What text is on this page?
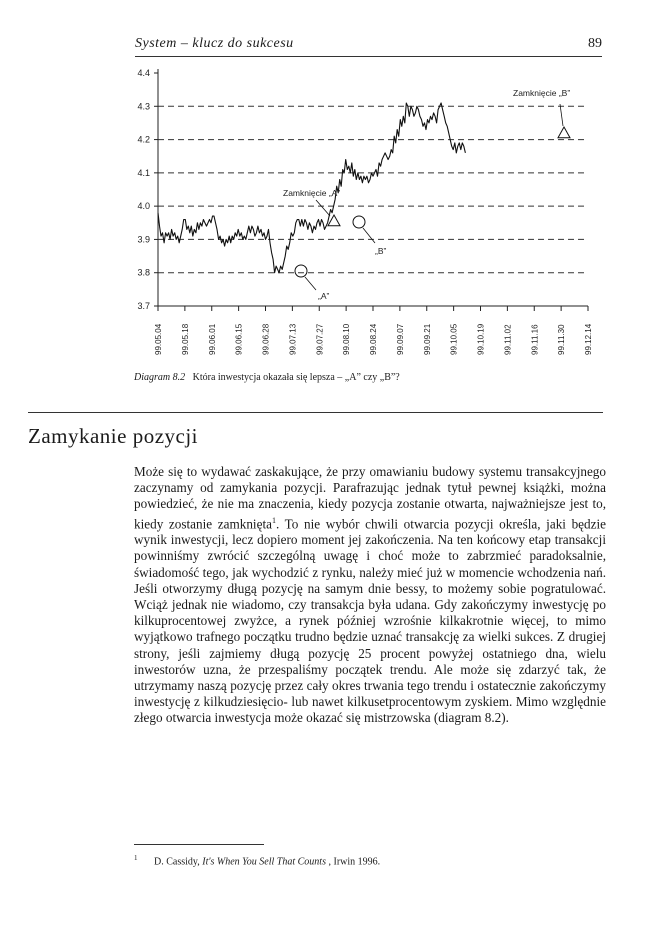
System – klucz do sukcesu	89
3.7
3.8
3.9
4.0
4.1
4.2
4.3
4.4
99.05.04 99.05.18 99.06.01 99.06.15 99.06.28 99.07.13 99.07.27 99.08.10 99.08.24 99.09.07 99.09.21 99.10.05 99.10.19 99.11.02 99.11.16 99.11.30 99.12.14
Zamknięcie „B”
Zamknięcie „A”
„B”
„A”
Diagram 8.2 Która inwestycja okazała się lepsza – „A” czy „B”?
Zamykanie pozycji

Może się to wydawać zaskakujące, że przy omawianiu budowy systemu transakcyjnego zaczynamy od zamykania pozycji. Parafrazując jednak tytuł pewnej książki, można powiedzieć, że nie ma znaczenia, kiedy pozycja zostanie otwarta, najważniejsze jest to, kiedy zostanie zamknięta$^1$. To nie wybór chwili otwarcia pozycji określa, jaki będzie wynik inwestycji, lecz dopiero moment jej zakończenia. Na ten końcowy etap transakcji powinniśmy zwrócić szczególną uwagę i choć może to zabrzmieć paradoksalnie, świadomość tego, jak wychodzić z rynku, należy mieć już w momencie wchodzenia nań. Jeśli otworzymy długą pozycję na samym dnie bessy, to możemy sobie pogratulować. Wciąż jednak nie wiadomo, czy transakcja była udana. Gdy zakończymy inwestycję po kilkuprocentowej zwyżce, a rynek później wzrośnie kilkakrotnie więcej, to mimo wyjątkowo trafnego początku trudno będzie uznać transakcję za wielki sukces. Z drugiej strony, jeśli zajmiemy długą pozycję 25 procent powyżej ostatniego dna, wielu inwestorów uzna, że przespaliśmy początek trendu. Ale może się zdarzyć tak, że utrzymamy naszą pozycję przez cały okres trwania tego trendu i ostatecznie zakończymy inwestycję z kilkudziesięcio- lub nawet kilkusetprocentowym zyskiem. Mimo względnie złego otwarcia inwestycja może okazać się mistrzowska (diagram 8.2).

$^1$ D. Cassidy, It's When You Sell That Counts , Irwin 1996.
